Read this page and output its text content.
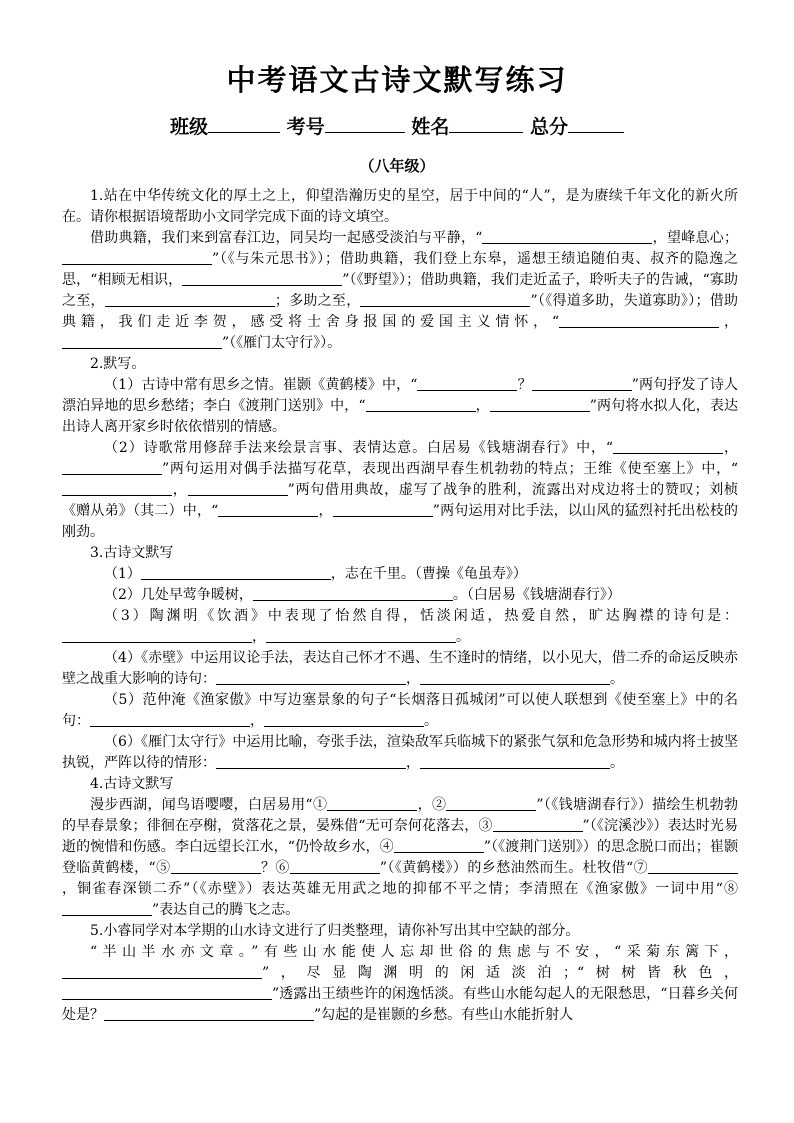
中考语文古诗文默写练习
班级	考号	姓名	总分
（八年级）

1.站在中华传统文化的厚土之上，仰望浩瀚历史的星空，居于中间的“人”，是为赓续千年文化的新火所在。请你根据语境帮助小文同学完成下面的诗文填空。

借助典籍，我们来到富春江边，同吴均一起感受淡泊与平静，“	，望峰息心；”（《与朱元思书》）；借助典籍，我们登上东皋，遥想王绩追随伯夷、叔齐的隐逸之思，“相顾无相识，	”（《野望》）；借助典籍，我们走近孟子，聆听夫子的告诫，“寡助之至，	；多助之至，	”（《得道多助，失道寡助》）；借助典籍，我们走近李贺，感受将士舍身报国的爱国主义情怀，“	，”（《雁门太守行》）。

2.默写。

（1）古诗中常有思乡之情。崔颢《黄鹤楼》中，“	？	”两句抒发了诗人漂泊异地的思乡愁绪；李白《渡荆门送别》中，“	，	”两句将水拟人化，表达出诗人离开家乡时依依惜别的情感。

（2）诗歌常用修辞手法来绘景言事、表情达意。白居易《钱塘湖春行》中，“	，”两句运用对偶手法描写花草，表现出西湖早春生机勃勃的特点；王维《使至塞上》中，“，	”两句借用典故，虚写了战争的胜利，流露出对戍边将士的赞叹；刘桢《赠从弟》（其二）中，“	，	”两句运用对比手法，以山风的猛烈衬托出松枝的刚劲。

3.古诗文默写

（1）	，志在千里。（曹操《龟虽寿》）

（2）几处早莺争暖树，	。（白居易《钱塘湖春行》）

（3）陶渊明《饮酒》中表现了怡然自得，恬淡闲适，热爱自然，旷达胸襟的诗句是：，	。

（4）《赤壁》中运用议论手法，表达自己怀才不遇、生不逢时的情绪，以小见大，借二乔的命运反映赤壁之战重大影响的诗句：	，	。

（5）范仲淹《渔家傲》中写边塞景象的句子“长烟落日孤城闭”可以使人联想到《使至塞上》中的名句：	，	。

（6）《雁门太守行》中运用比喻，夸张手法，渲染敌军兵临城下的紧张气氛和危急形势和城内将士披坚执锐，严阵以待的情形：	，	。

4.古诗文默写

漫步西湖，闻鸟语嘤嘤，白居易用“①	，②	”（《钱塘湖春行》）描绘生机勃勃的早春景象；徘徊在亭榭，赏落花之景，晏殊借“无可奈何花落去，③	”（《浣溪沙》）表达时光易逝的惋惜和伤感。李白远望长江水，“仍怜故乡水，④	”（《渡荆门送别》）的思念脱口而出；崔颢登临黄鹤楼，“⑤	？⑥	”（《黄鹤楼》）的乡愁油然而生。杜牧借“⑦，铜雀春深锁二乔”（《赤壁》）表达英雄无用武之地的抑郁不平之情；李清照在《渔家傲》一词中用“⑧”表达自己的腾飞之志。

5.小睿同学对本学期的山水诗文进行了归类整理，请你补写出其中空缺的部分。

“半山半水亦文章。”有些山水能使人忘却世俗的焦虑与不安，“采菊东篱下，”，尽显陶渊明的闲适淡泊；“树树皆秋色，”透露出王绩些许的闲逸恬淡。有些山水能勾起人的无限愁思，“日暮乡关何处是？	”勾起的是崔颢的乡愁。有些山水能折射人
